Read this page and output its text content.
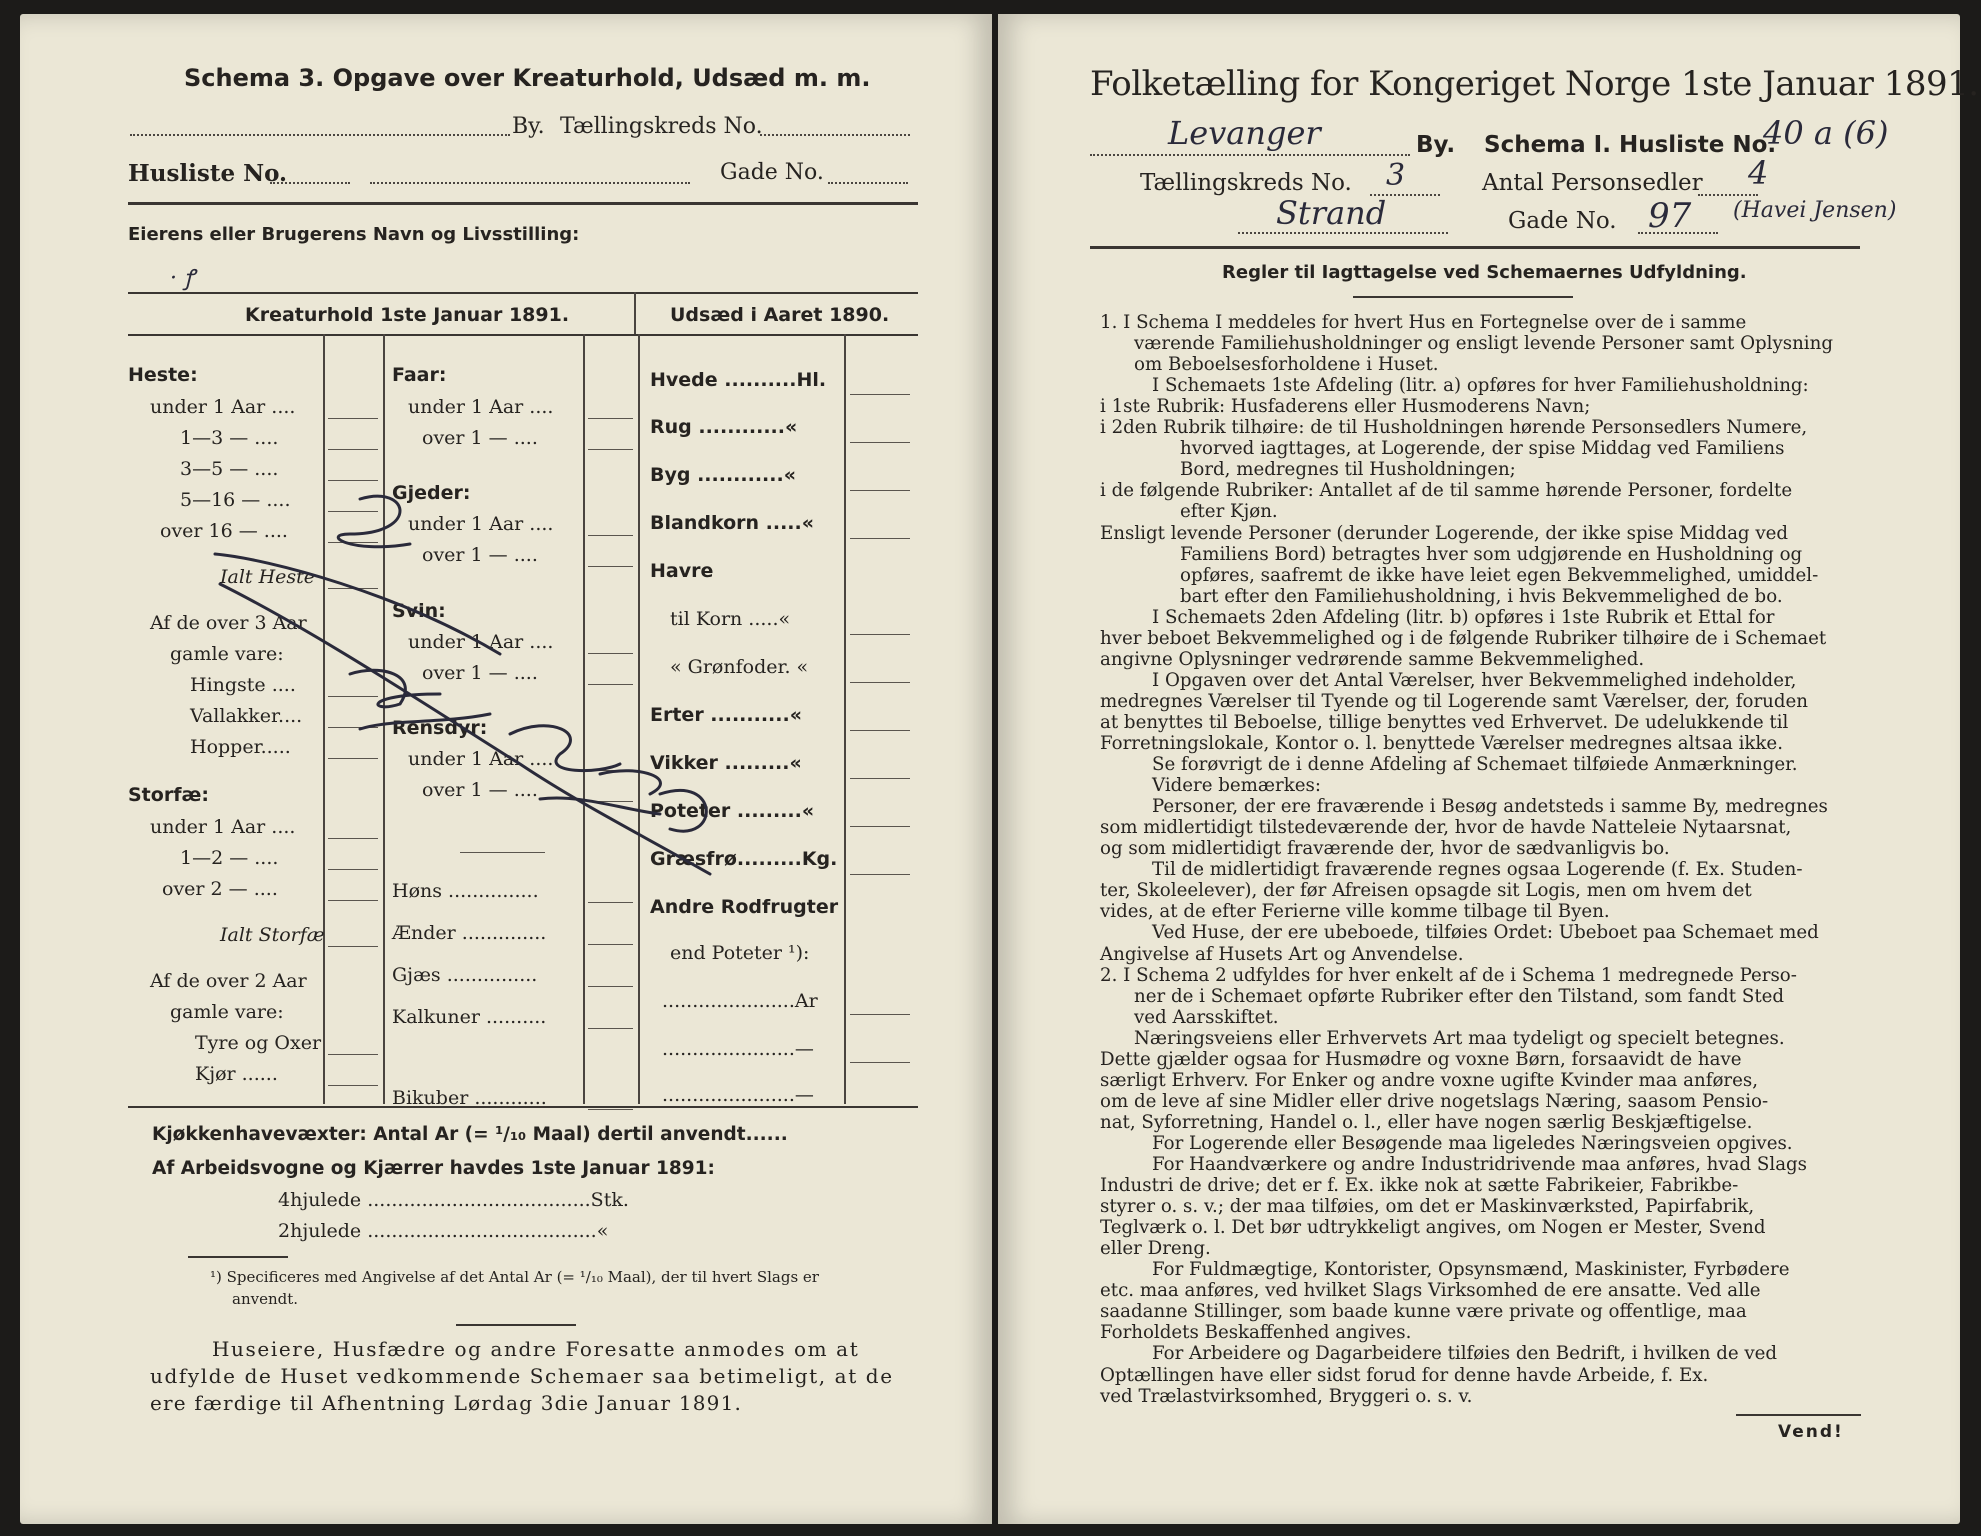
Schema 3. Opgave over Kreaturhold, Udsæd m. m.
By. Tællingskreds No.
Husliste No.	Gade No.
Eierens eller Brugerens Navn og Livsstilling:
· ꝭ
Kreaturhold 1ste Januar 1891.	Udsæd i Aaret 1890.
Heste:
under 1 Aar ....
1—3 — ....
3—5 — ....
5—16 — ....
over 16 — ....
Ialt Heste
Af de over 3 Aar
gamle vare:
Hingste ....
Vallakker....
Hopper.....
Storfæ:
under 1 Aar ....
1—2 — ....
over 2 — ....
Ialt Storfæ
Af de over 2 Aar
gamle vare:
Tyre og Oxer
Kjør ......
Faar:
under 1 Aar ....
over 1 — ....
Gjeder:
under 1 Aar ....
over 1 — ....
Svin:
under 1 Aar ....
over 1 — ....
Rensdyr:
under 1 Aar ....
over 1 — ....
Høns ...............
Ænder ..............
Gjæs ...............
Kalkuner ..........
Bikuber ............
Hvede ..........Hl.
Rug ............«
Byg ............«
Blandkorn .....«
Havre
til Korn .....«
« Grønfoder. «
Erter ...........«
Vikker .........«
Poteter .........«
Græsfrø.........Kg.
Andre Rodfrugter
end Poteter ¹):
......................Ar
......................—
......................—
Kjøkkenhavevæxter: Antal Ar (= ¹/₁₀ Maal) dertil anvendt......
Af Arbeidsvogne og Kjærrer havdes 1ste Januar 1891:
4hjulede .....................................Stk.
2hjulede ......................................«
¹) Specificeres med Angivelse af det Antal Ar (= ¹/₁₀ Maal), der til hvert Slags er
anvendt.
Huseiere, Husfædre og andre Foresatte anmodes om at
udfylde de Huset vedkommende Schemaer saa betimeligt, at de
ere færdige til Afhentning Lørdag 3die Januar 1891.
Folketælling for Kongeriget Norge 1ste Januar 1891.
Levanger	By. Schema I. Husliste No.
40 a (6)
Tællingskreds No. 3	Antal Personsedler 4
Strand	Gade No. 97 (Havei Jensen)
Regler til Iagttagelse ved Schemaernes Udfyldning.
1. I Schema I meddeles for hvert Hus en Fortegnelse over de i samme
værende Familiehusholdninger og ensligt levende Personer samt Oplysning
om Beboelsesforholdene i Huset.
I Schemaets 1ste Afdeling (litr. a) opføres for hver Familiehusholdning:
i 1ste Rubrik: Husfaderens eller Husmoderens Navn;
i 2den Rubrik tilhøire: de til Husholdningen hørende Personsedlers Numere,
hvorved iagttages, at Logerende, der spise Middag ved Familiens
Bord, medregnes til Husholdningen;
i de følgende Rubriker: Antallet af de til samme hørende Personer, fordelte
efter Kjøn.
Ensligt levende Personer (derunder Logerende, der ikke spise Middag ved
Familiens Bord) betragtes hver som udgjørende en Husholdning og
opføres, saafremt de ikke have leiet egen Bekvemmelighed, umiddel-
bart efter den Familiehusholdning, i hvis Bekvemmelighed de bo.
I Schemaets 2den Afdeling (litr. b) opføres i 1ste Rubrik et Ettal for
hver beboet Bekvemmelighed og i de følgende Rubriker tilhøire de i Schemaet
angivne Oplysninger vedrørende samme Bekvemmelighed.
I Opgaven over det Antal Værelser, hver Bekvemmelighed indeholder,
medregnes Værelser til Tyende og til Logerende samt Værelser, der, foruden
at benyttes til Beboelse, tillige benyttes ved Erhvervet. De udelukkende til
Forretningslokale, Kontor o. l. benyttede Værelser medregnes altsaa ikke.
Se forøvrigt de i denne Afdeling af Schemaet tilføiede Anmærkninger.
Videre bemærkes:
Personer, der ere fraværende i Besøg andetsteds i samme By, medregnes
som midlertidigt tilstedeværende der, hvor de havde Natteleie Nytaarsnat,
og som midlertidigt fraværende der, hvor de sædvanligvis bo.
Til de midlertidigt fraværende regnes ogsaa Logerende (f. Ex. Studen-
ter, Skoleelever), der før Afreisen opsagde sit Logis, men om hvem det
vides, at de efter Ferierne ville komme tilbage til Byen.
Ved Huse, der ere ubeboede, tilføies Ordet: Ubeboet paa Schemaet med
Angivelse af Husets Art og Anvendelse.
2. I Schema 2 udfyldes for hver enkelt af de i Schema 1 medregnede Perso-
ner de i Schemaet opførte Rubriker efter den Tilstand, som fandt Sted
ved Aarsskiftet.
Næringsveiens eller Erhvervets Art maa tydeligt og specielt betegnes.
Dette gjælder ogsaa for Husmødre og voxne Børn, forsaavidt de have
særligt Erhverv. For Enker og andre voxne ugifte Kvinder maa anføres,
om de leve af sine Midler eller drive nogetslags Næring, saasom Pensio-
nat, Syforretning, Handel o. l., eller have nogen særlig Beskjæftigelse.
For Logerende eller Besøgende maa ligeledes Næringsveien opgives.
For Haandværkere og andre Industridrivende maa anføres, hvad Slags
Industri de drive; det er f. Ex. ikke nok at sætte Fabrikeier, Fabrikbe-
styrer o. s. v.; der maa tilføies, om det er Maskinværksted, Papirfabrik,
Teglværk o. l. Det bør udtrykkeligt angives, om Nogen er Mester, Svend
eller Dreng.
For Fuldmægtige, Kontorister, Opsynsmænd, Maskinister, Fyrbødere
etc. maa anføres, ved hvilket Slags Virksomhed de ere ansatte. Ved alle
saadanne Stillinger, som baade kunne være private og offentlige, maa
Forholdets Beskaffenhed angives.
For Arbeidere og Dagarbeidere tilføies den Bedrift, i hvilken de ved
Optællingen have eller sidst forud for denne havde Arbeide, f. Ex.
ved Trælastvirksomhed, Bryggeri o. s. v.
Vend!
